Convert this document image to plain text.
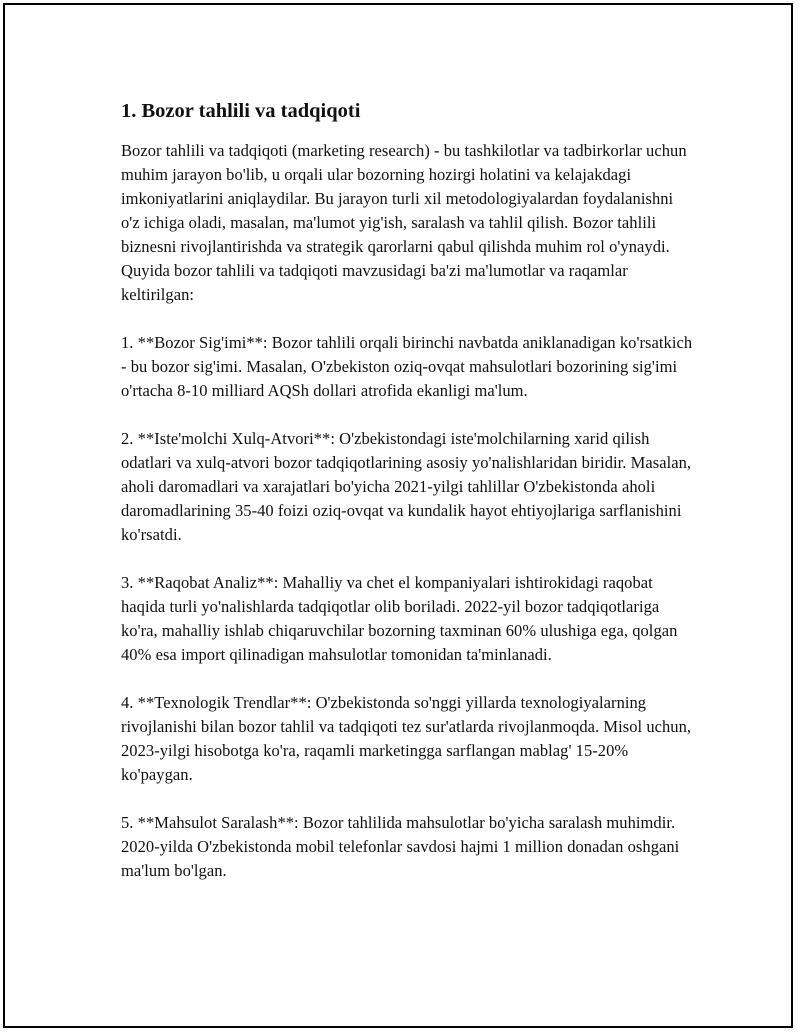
1. Bozor tahlili va tadqiqoti

Bozor tahlili va tadqiqoti (marketing research) - bu tashkilotlar va tadbirkorlar uchun muhim jarayon bo'lib, u orqali ular bozorning hozirgi holatini va kelajakdagi imkoniyatlarini aniqlaydilar. Bu jarayon turli xil metodologiyalardan foydalanishni o'z ichiga oladi, masalan, ma'lumot yig'ish, saralash va tahlil qilish. Bozor tahlili biznesni rivojlantirishda va strategik qarorlarni qabul qilishda muhim rol o'ynaydi. Quyida bozor tahlili va tadqiqoti mavzusidagi ba'zi ma'lumotlar va raqamlar keltirilgan:

1. **Bozor Sig'imi**: Bozor tahlili orqali birinchi navbatda aniklanadigan ko'rsatkich - bu bozor sig'imi. Masalan, O'zbekiston oziq-ovqat mahsulotlari bozorining sig'imi o'rtacha 8-10 milliard AQSh dollari atrofida ekanligi ma'lum.

2. **Iste'molchi Xulq-Atvori**: O'zbekistondagi iste'molchilarning xarid qilish odatlari va xulq-atvori bozor tadqiqotlarining asosiy yo'nalishlaridan biridir. Masalan, aholi daromadlari va xarajatlari bo'yicha 2021-yilgi tahlillar O'zbekistonda aholi daromadlarining 35-40 foizi oziq-ovqat va kundalik hayot ehtiyojlariga sarflanishini ko'rsatdi.

3. **Raqobat Analiz**: Mahalliy va chet el kompaniyalari ishtirokidagi raqobat haqida turli yo'nalishlarda tadqiqotlar olib boriladi. 2022-yil bozor tadqiqotlariga ko'ra, mahalliy ishlab chiqaruvchilar bozorning taxminan 60% ulushiga ega, qolgan 40% esa import qilinadigan mahsulotlar tomonidan ta'minlanadi.

4. **Texnologik Trendlar**: O'zbekistonda so'nggi yillarda texnologiyalarning rivojlanishi bilan bozor tahlil va tadqiqoti tez sur'atlarda rivojlanmoqda. Misol uchun, 2023-yilgi hisobotga ko'ra, raqamli marketingga sarflangan mablag' 15-20% ko'paygan.

5. **Mahsulot Saralash**: Bozor tahlilida mahsulotlar bo'yicha saralash muhimdir. 2020-yilda O'zbekistonda mobil telefonlar savdosi hajmi 1 million donadan oshgani ma'lum bo'lgan.
